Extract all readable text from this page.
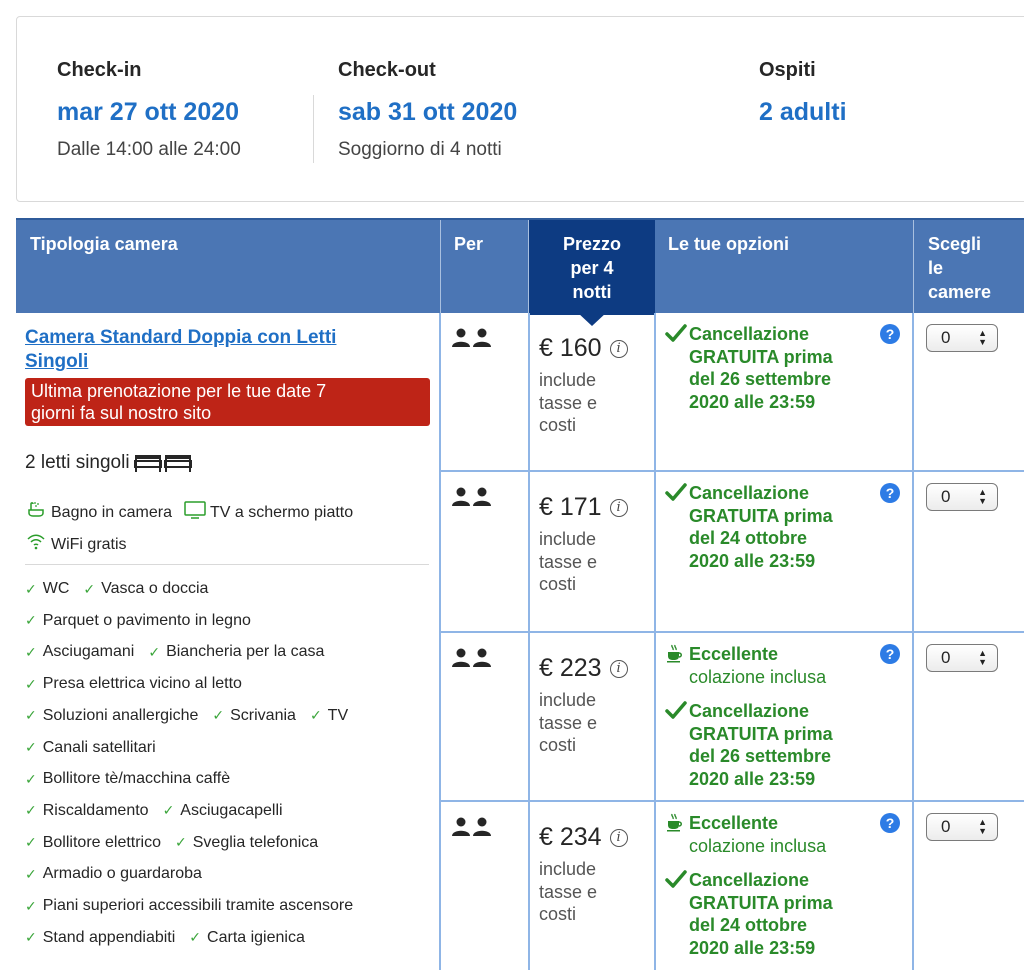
Check-in
mar 27 ott 2020
Dalle 14:00 alle 24:00
Check-out
sab 31 ott 2020
Soggiorno di 4 notti
Ospiti
2 adulti
Tipologia camera	Per	Prezzo
per 4
notti
Le tue opzioni	Scegli
le
camere
Camera Standard Doppia con Letti
Singoli
Ultima prenotazione per le tue date 7
giorni fa sul nostro sito
2 letti singoli
Bagno in camera TV a schermo piatto
WiFi gratis
✓ WC ✓ Vasca o doccia
✓ Parquet o pavimento in legno
✓ Asciugamani ✓ Biancheria per la casa
✓ Presa elettrica vicino al letto
✓ Soluzioni anallergiche ✓ Scrivania ✓ TV
✓ Canali satellitari
✓ Bollitore tè/macchina caffè
✓ Riscaldamento ✓ Asciugacapelli
✓ Bollitore elettrico ✓ Sveglia telefonica
✓ Armadio o guardaroba
✓ Piani superiori accessibili tramite ascensore
✓ Stand appendiabiti ✓ Carta igienica
€ 160	i
include tasse e costi
Cancellazione
GRATUITA prima
del 26 settembre
2020 alle 23:59
?	0	▲
▼
€ 171	i
include tasse e costi
Cancellazione
GRATUITA prima
del 24 ottobre
2020 alle 23:59
?	0	▲
▼
€ 223	i
include tasse e costi
Eccellente
colazione inclusa
Cancellazione
GRATUITA prima
del 26 settembre
2020 alle 23:59
?	0	▲
▼
€ 234	i
include tasse e costi
Eccellente
colazione inclusa
Cancellazione
GRATUITA prima
del 24 ottobre
2020 alle 23:59
?	0	▲
▼
